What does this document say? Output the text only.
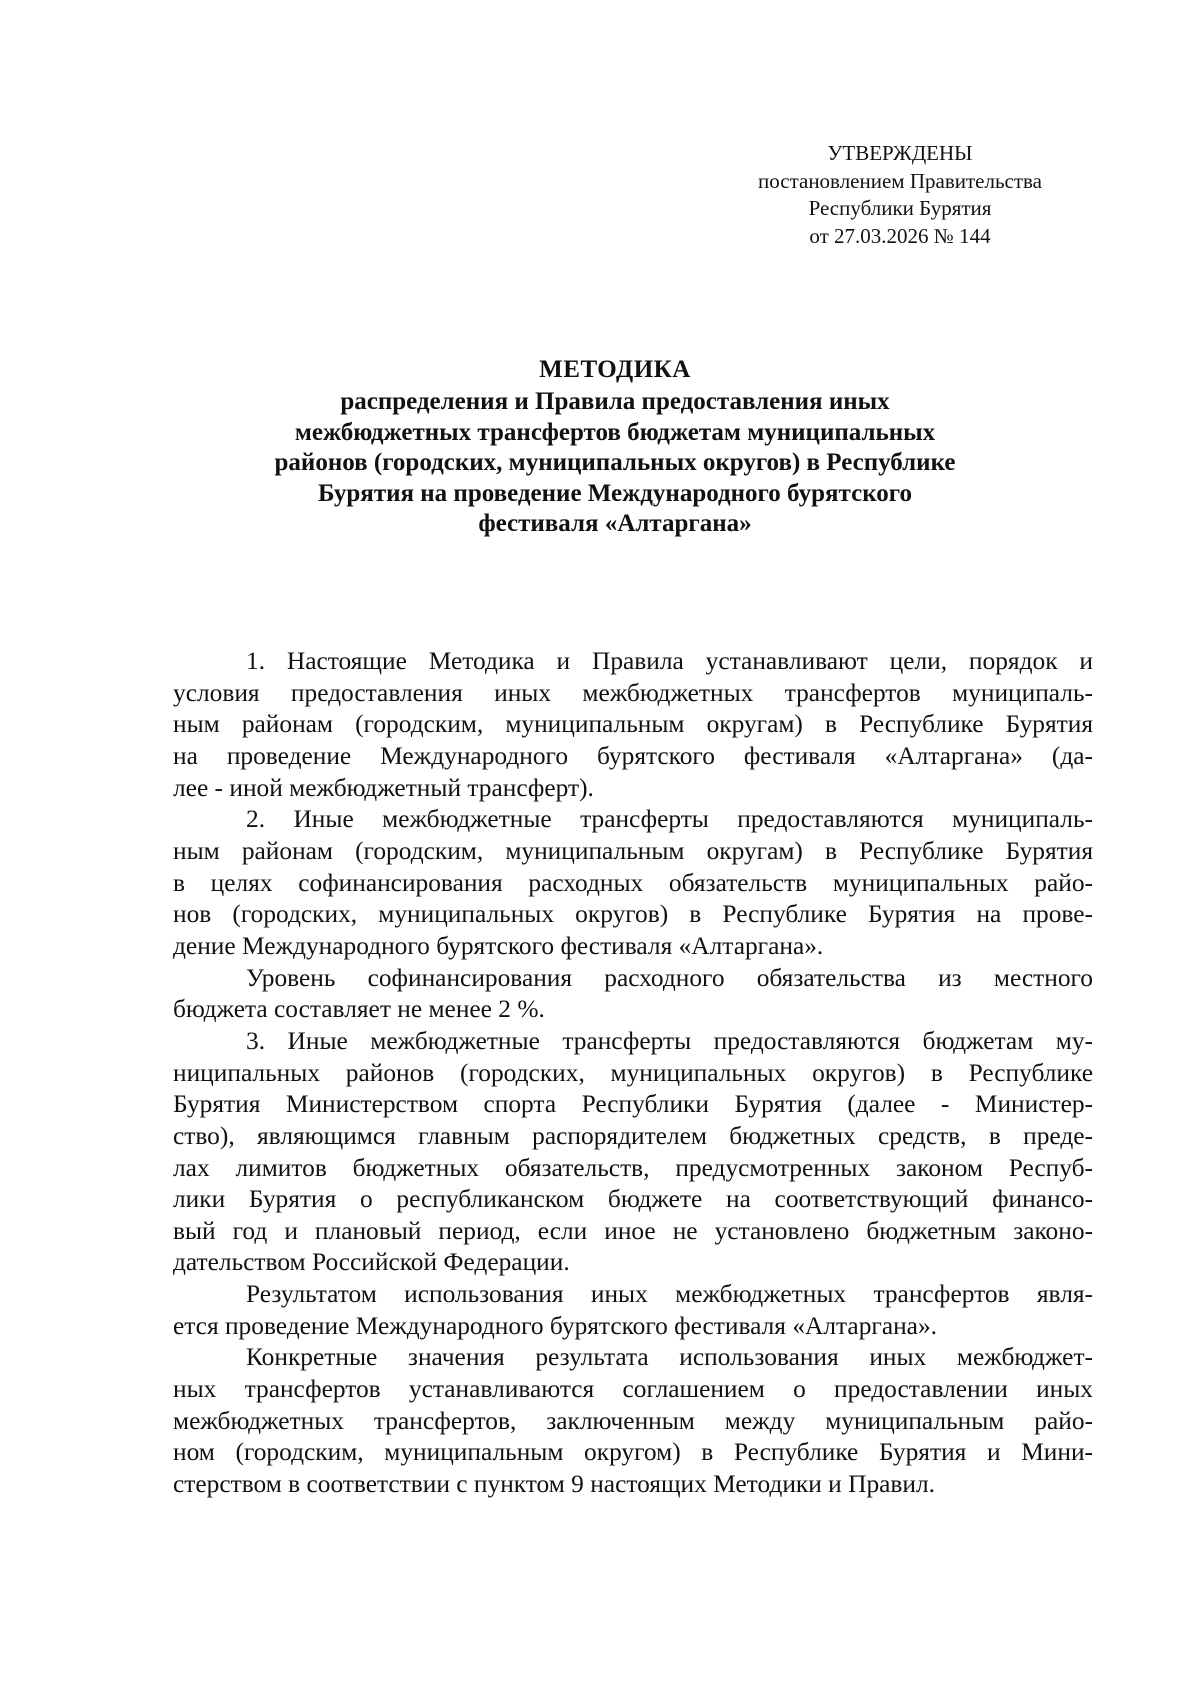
УТВЕРЖДЕНЫ
постановлением Правительства
Республики Бурятия
от 27.03.2026 № 144
МЕТОДИКА
распределения и Правила предоставления иных
межбюджетных трансфертов бюджетам муниципальных
районов (городских, муниципальных округов) в Республике
Бурятия на проведение Международного бурятского
фестиваля «Алтаргана»
1. Настоящие Методика и Правила устанавливают цели, порядок и
условия предоставления иных межбюджетных трансфертов муниципаль-
ным районам (городским, муниципальным округам) в Республике Бурятия
на проведение Международного бурятского фестиваля «Алтаргана» (да-
лее - иной межбюджетный трансферт).
2. Иные межбюджетные трансферты предоставляются муниципаль-
ным районам (городским, муниципальным округам) в Республике Бурятия
в целях софинансирования расходных обязательств муниципальных райо-
нов (городских, муниципальных округов) в Республике Бурятия на прове-
дение Международного бурятского фестиваля «Алтаргана».
Уровень софинансирования расходного обязательства из местного
бюджета составляет не менее 2 %.
3. Иные межбюджетные трансферты предоставляются бюджетам му-
ниципальных районов (городских, муниципальных округов) в Республике
Бурятия Министерством спорта Республики Бурятия (далее - Министер-
ство), являющимся главным распорядителем бюджетных средств, в преде-
лах лимитов бюджетных обязательств, предусмотренных законом Респуб-
лики Бурятия о республиканском бюджете на соответствующий финансо-
вый год и плановый период, если иное не установлено бюджетным законо-
дательством Российской Федерации.
Результатом использования иных межбюджетных трансфертов явля-
ется проведение Международного бурятского фестиваля «Алтаргана».
Конкретные значения результата использования иных межбюджет-
ных трансфертов устанавливаются соглашением о предоставлении иных
межбюджетных трансфертов, заключенным между муниципальным райо-
ном (городским, муниципальным округом) в Республике Бурятия и Мини-
стерством в соответствии с пунктом 9 настоящих Методики и Правил.
